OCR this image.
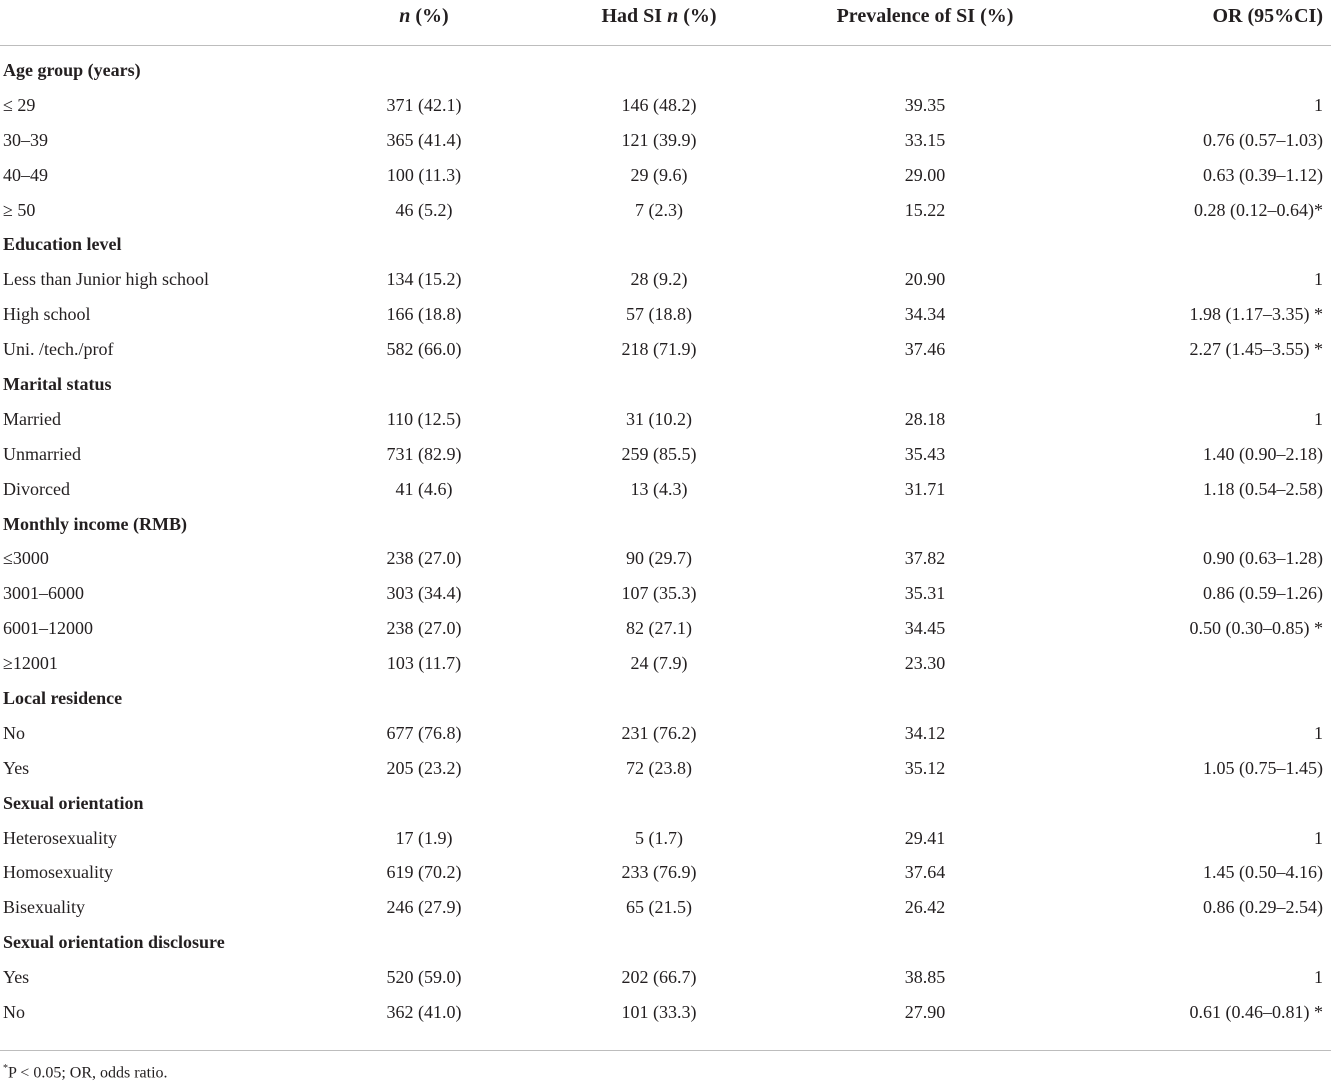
	n (%)	Had SI n (%)	Prevalence of SI (%)	OR (95%CI)

Age group (years)				
≤ 29	371 (42.1)	146 (48.2)	39.35	1
30–39	365 (41.4)	121 (39.9)	33.15	0.76 (0.57–1.03)
40–49	100 (11.3)	29 (9.6)	29.00	0.63 (0.39–1.12)
≥ 50	46 (5.2)	7 (2.3)	15.22	0.28 (0.12–0.64)*
Education level				
Less than Junior high school	134 (15.2)	28 (9.2)	20.90	1
High school	166 (18.8)	57 (18.8)	34.34	1.98 (1.17–3.35) *
Uni. /tech./prof	582 (66.0)	218 (71.9)	37.46	2.27 (1.45–3.55) *
Marital status				
Married	110 (12.5)	31 (10.2)	28.18	1
Unmarried	731 (82.9)	259 (85.5)	35.43	1.40 (0.90–2.18)
Divorced	41 (4.6)	13 (4.3)	31.71	1.18 (0.54–2.58)
Monthly income (RMB)				
≤3000	238 (27.0)	90 (29.7)	37.82	0.90 (0.63–1.28)
3001–6000	303 (34.4)	107 (35.3)	35.31	0.86 (0.59–1.26)
6001–12000	238 (27.0)	82 (27.1)	34.45	0.50 (0.30–0.85) *
≥12001	103 (11.7)	24 (7.9)	23.30	
Local residence				
No	677 (76.8)	231 (76.2)	34.12	1
Yes	205 (23.2)	72 (23.8)	35.12	1.05 (0.75–1.45)
Sexual orientation				
Heterosexuality	17 (1.9)	5 (1.7)	29.41	1
Homosexuality	619 (70.2)	233 (76.9)	37.64	1.45 (0.50–4.16)
Bisexuality	246 (27.9)	65 (21.5)	26.42	0.86 (0.29–2.54)
Sexual orientation disclosure				
Yes	520 (59.0)	202 (66.7)	38.85	1
No	362 (41.0)	101 (33.3)	27.90	0.61 (0.46–0.81) *
*P < 0.05; OR, odds ratio.
